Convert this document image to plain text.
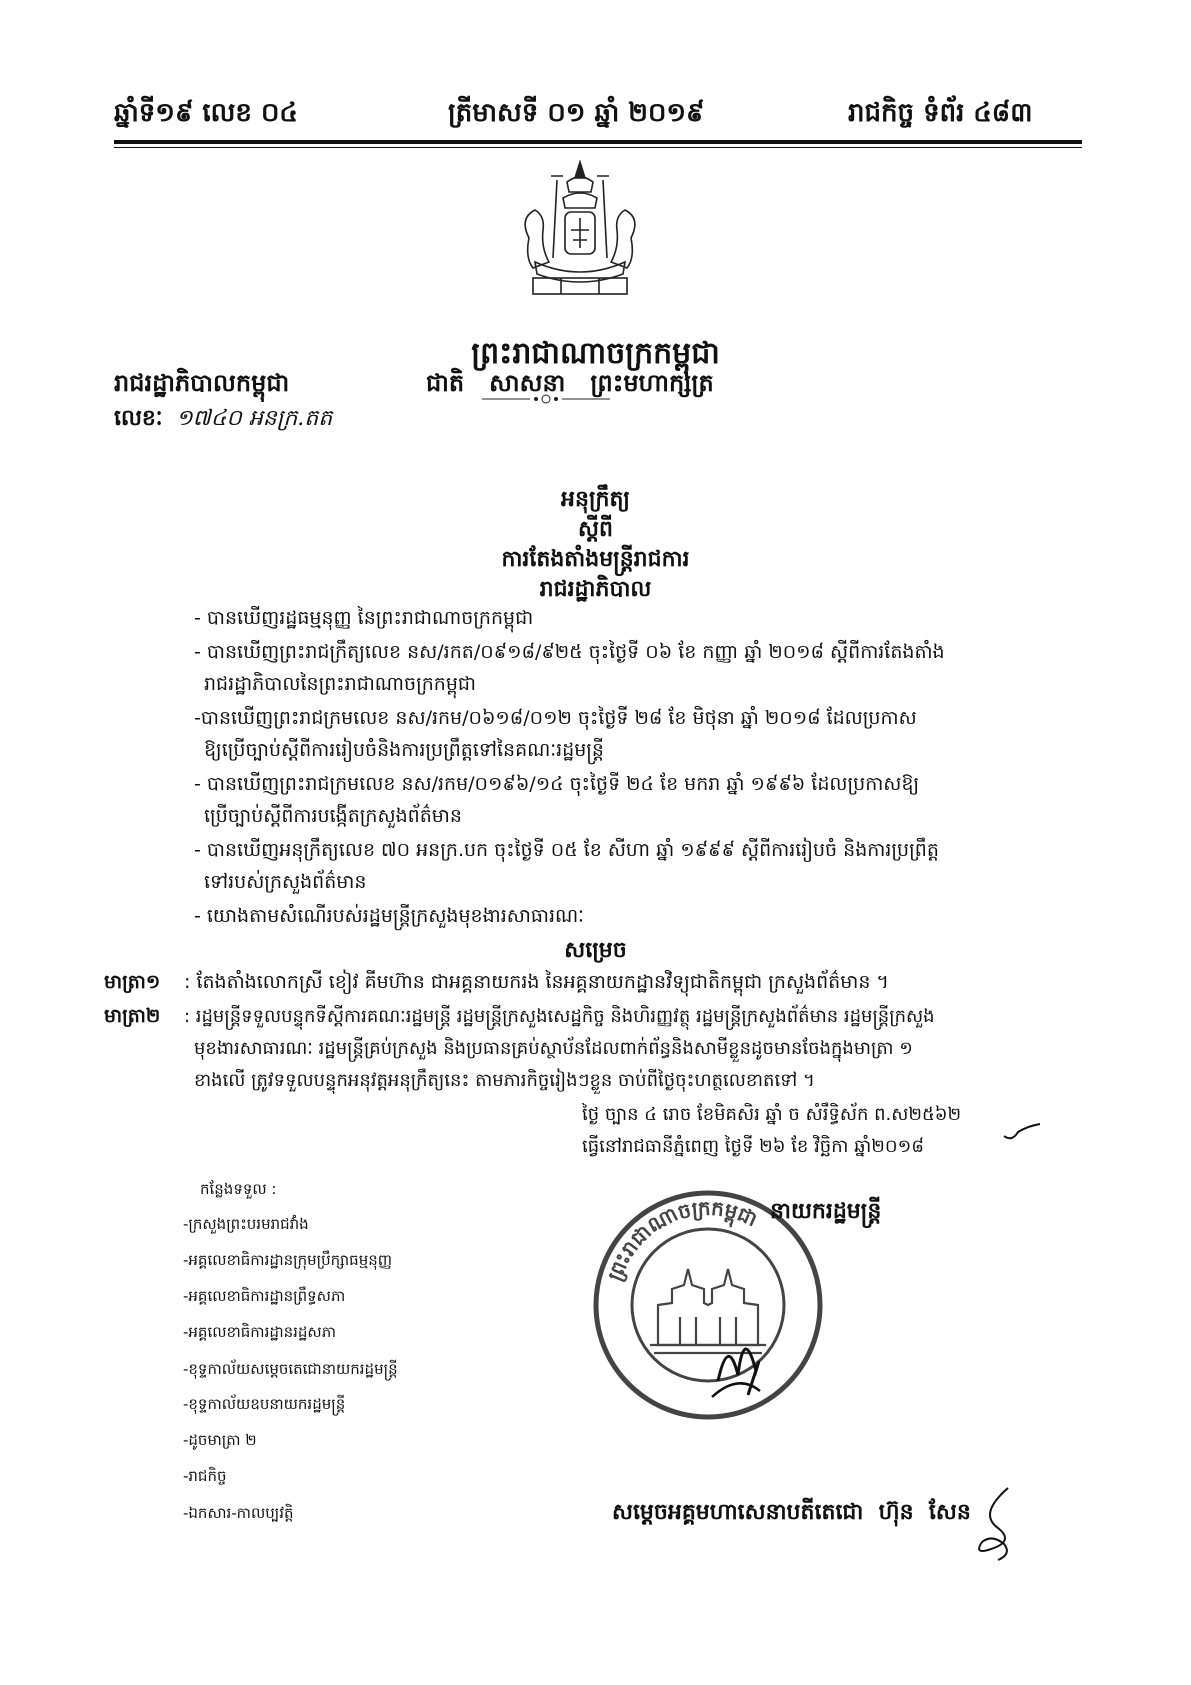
ឆ្នាំទី១៩ លេខ ០៤	ត្រីមាសទី ០១ ឆ្នាំ ២០១៩	រាជកិច្ច ទំព័រ ៤៨៣
ព្រះរាជាណាចក្រកម្ពុជា
រាជរដ្ឋាភិបាលកម្ពុជា	ជាតិ   សាសនា   ព្រះមហាក្សត្រ
លេខៈ ១៧៤០ អនក្រ.តត
អនុក្រឹត្យ
ស្តីពី
ការតែងតាំងមន្ត្រីរាជការ
រាជរដ្ឋាភិបាល
- បានឃើញរដ្ឋធម្មនុញ្ញ នៃព្រះរាជាណាចក្រកម្ពុជា
- បានឃើញព្រះរាជក្រឹត្យលេខ នស/រកត/០៩១៨/៩២៥ ចុះថ្ងៃទី ០៦ ខែ កញ្ញា ឆ្នាំ ២០១៨ ស្តីពីការតែងតាំង
រាជរដ្ឋាភិបាលនៃព្រះរាជាណាចក្រកម្ពុជា
-បានឃើញព្រះរាជក្រមលេខ នស/រកម/០៦១៨/០១២ ចុះថ្ងៃទី ២៨ ខែ មិថុនា ឆ្នាំ ២០១៨ ដែលប្រកាស
ឱ្យប្រើច្បាប់ស្តីពីការរៀបចំនិងការប្រព្រឹត្តទៅនៃគណៈរដ្ឋមន្ត្រី
- បានឃើញព្រះរាជក្រមលេខ នស/រកម/០១៩៦/១៤ ចុះថ្ងៃទី ២៤ ខែ មករា ឆ្នាំ ១៩៩៦ ដែលប្រកាសឱ្យ
ប្រើច្បាប់ស្តីពីការបង្កើតក្រសួងព័ត៌មាន
- បានឃើញអនុក្រឹត្យលេខ ៧០ អនក្រ.បក ចុះថ្ងៃទី ០៥ ខែ សីហា ឆ្នាំ ១៩៩៩ ស្តីពីការរៀបចំ និងការប្រព្រឹត្ត
ទៅរបស់ក្រសួងព័ត៌មាន
- យោងតាមសំណើរបស់រដ្ឋមន្ត្រីក្រសួងមុខងារសាធារណៈ
សម្រេច
មាត្រា១ : តែងតាំងលោកស្រី ខៀវ គីមហ៊ាន ជាអគ្គនាយករង នៃអគ្គនាយកដ្ឋានវិទ្យុជាតិកម្ពុជា ក្រសួងព័ត៌មាន ។
មាត្រា២ : រដ្ឋមន្ត្រីទទួលបន្ទុកទីស្តីការគណៈរដ្ឋមន្ត្រី រដ្ឋមន្ត្រីក្រសួងសេដ្ឋកិច្ច និងហិរញ្ញវត្ថុ រដ្ឋមន្ត្រីក្រសួងព័ត៌មាន រដ្ឋមន្ត្រីក្រសួង
មុខងារសាធារណៈ រដ្ឋមន្ត្រីគ្រប់ក្រសួង និងប្រធានគ្រប់ស្ថាប័នដែលពាក់ព័ន្ធនិងសាមីខ្លួនដូចមានចែងក្នុងមាត្រា ១
ខាងលើ ត្រូវទទួលបន្ទុកអនុវត្តអនុក្រឹត្យនេះ តាមភារកិច្ចរៀងៗខ្លួន ចាប់ពីថ្ងៃចុះហត្ថលេខាតទៅ ។
ថ្ងៃ ច្បាន ៤ រោច ខែមិគសិរ ឆ្នាំ ច សំរឹទ្ធិស័ក ព.ស២៥៦២
ធ្វើនៅរាជធានីភ្នំពេញ ថ្ងៃទី ២៦ ខែ វិច្ឆិកា ឆ្នាំ២០១៨
កន្លែងទទួល :
-ក្រសួងព្រះបរមរាជវាំង
-អគ្គលេខាធិការដ្ឋានក្រុមប្រឹក្សាធម្មនុញ្ញ
-អគ្គលេខាធិការដ្ឋានព្រឹទ្ធសភា
-អគ្គលេខាធិការដ្ឋានរដ្ឋសភា
-ខុទ្ទកាល័យសម្តេចតេជោនាយករដ្ឋមន្ត្រី
-ខុទ្ទកាល័យឧបនាយករដ្ឋមន្ត្រី
-ដូចមាត្រា ២
-រាជកិច្ច
-ឯកសារ-កាលប្បវត្តិ
ព្រះរាជាណាចក្រកម្ពុជា នាយករដ្ឋមន្ត្រី
សម្តេចអគ្គមហាសេនាបតីតេជោ  ហ៊ុន  សែន
